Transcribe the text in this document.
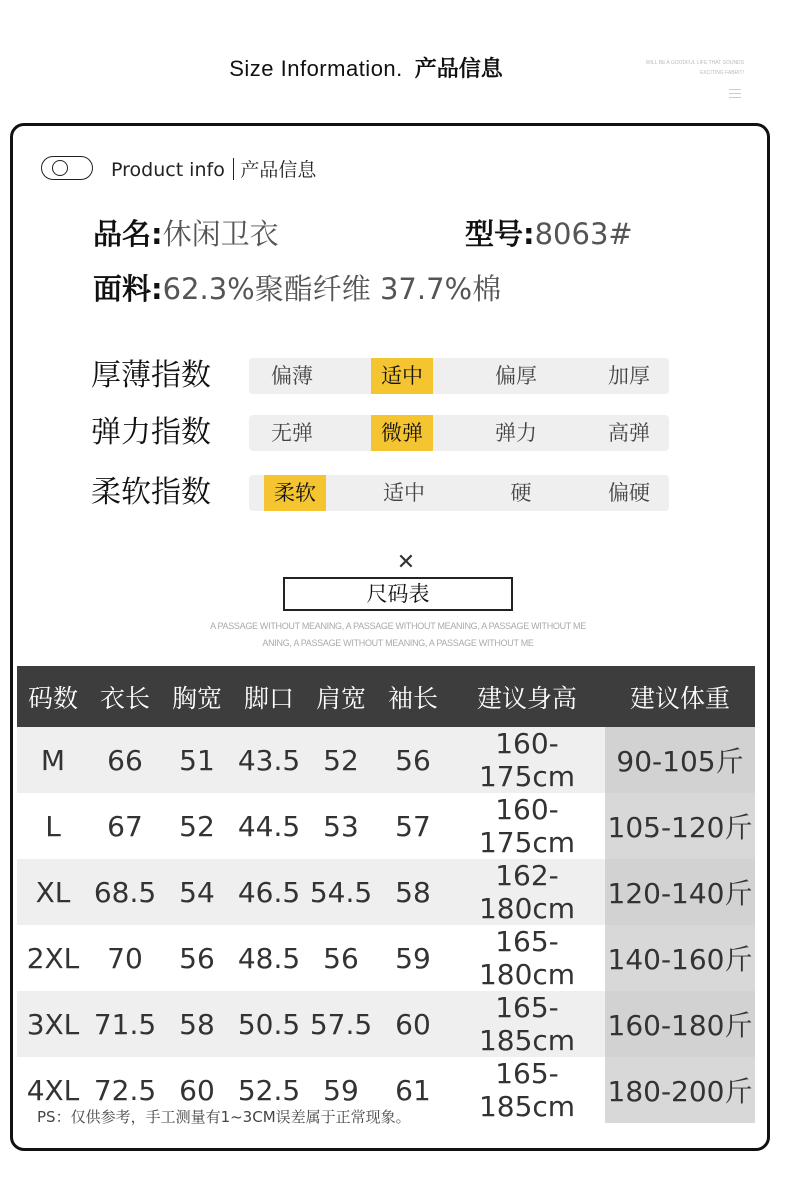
Size Information. 产品信息	WILL BE A GOODFUL LIFE THAT SOUNDS
EXCITING FABRIT!
Product info 产品信息
品名:休闲卫衣	型号:8063#
面料:62.3%聚酯纤维 37.7%棉
厚薄指数	偏薄	适中	偏厚	加厚
弹力指数	无弹	微弹	弹力	高弹
柔软指数	柔软	适中	硬	偏硬
✕
尺码表
A PASSAGE WITHOUT MEANING, A PASSAGE WITHOUT MEANING, A PASSAGE WITHOUT ME
ANING, A PASSAGE WITHOUT MEANING, A PASSAGE WITHOUT ME
码数	衣长	胸宽	脚口	肩宽	袖长	建议身高	建议体重
M	66	51	43.5	52	56	160-175cm	90-105斤
L	67	52	44.5	53	57	160-175cm	105-120斤
XL	68.5	54	46.5	54.5	58	162-180cm	120-140斤
2XL	70	56	48.5	56	59	165-180cm	140-160斤
3XL	71.5	58	50.5	57.5	60	165-185cm	160-180斤
4XL	72.5	60	52.5	59	61	165-185cm	180-200斤
PS：仅供参考，手工测量有1~3CM误差属于正常现象。
